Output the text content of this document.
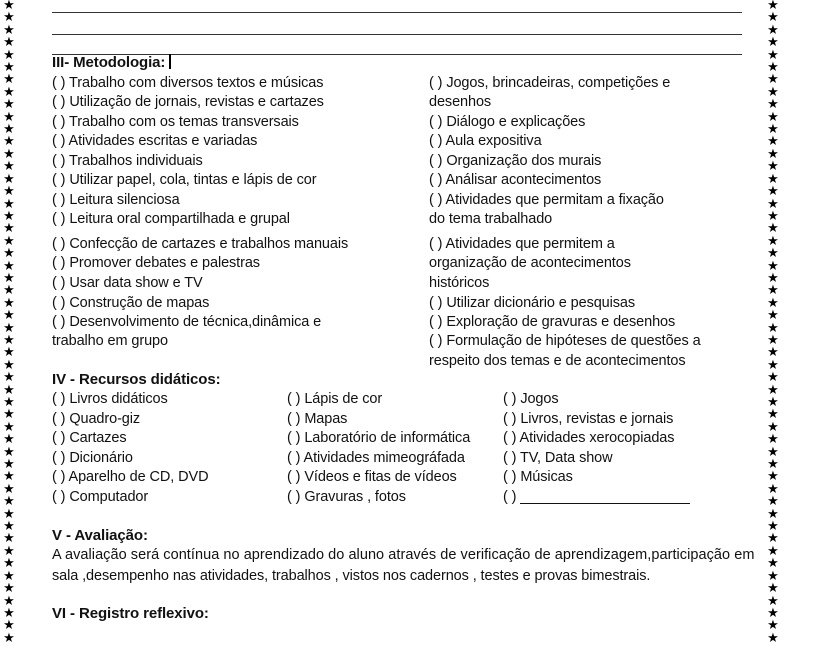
★
★
★
★
★
★
★
★
★
★
★
★
★
★
★
★
★
★
★
★
★
★
★
★
★
★
★
★
★
★
★
★
★
★
★
★
★
★
★
★
★
★
★
★
★
★
★
★
★
★
★
★
★
★
★
★
★
★
★
★
★
★
★
★
★
★
★
★
★
★
★
★
★
★
★
★
★
★
★
★
★
★
★
★
★
★
★
★
★
★
★
★
★
★
★
★
★
★
★
★
★
★
★
★
III- Metodologia:
( ) Trabalho com diversos textos e músicas
( ) Utilização de jornais, revistas e cartazes
( ) Trabalho com os temas transversais
( ) Atividades escritas e variadas
( ) Trabalhos individuais
( ) Utilizar papel, cola, tintas e lápis de cor
( ) Leitura silenciosa
( ) Leitura oral compartilhada e grupal
( ) Confecção de cartazes e trabalhos manuais
( ) Promover debates e palestras
( ) Usar data show e TV
( ) Construção de mapas
( ) Desenvolvimento de técnica,dinâmica e
trabalho em grupo
( ) Jogos, brincadeiras, competições e
desenhos
( ) Diálogo e explicações
( ) Aula expositiva
( ) Organização dos murais
( ) Análisar acontecimentos
( ) Atividades que permitam a fixação
do tema trabalhado
( ) Atividades que permitem a
organização de acontecimentos
históricos
( ) Utilizar dicionário e pesquisas
( ) Exploração de gravuras e desenhos
( ) Formulação de hipóteses de questões a
respeito dos temas e de acontecimentos
IV - Recursos didáticos:
( ) Livros didáticos
( ) Quadro-giz
( ) Cartazes
( ) Dicionário
( ) Aparelho de CD, DVD
( ) Computador
( ) Lápis de cor
( ) Mapas
( ) Laboratório de informática
( ) Atividades mimeográfada
( ) Vídeos e fitas de vídeos
( ) Gravuras , fotos
( ) Jogos
( ) Livros, revistas e jornais
( ) Atividades xerocopiadas
( ) TV, Data show
( ) Músicas
( )
V - Avaliação:
A avaliação será contínua no aprendizado do aluno através de verificação de aprendizagem,participação em
sala ,desempenho nas atividades, trabalhos , vistos nos cadernos , testes e provas bimestrais.
VI - Registro reflexivo:
